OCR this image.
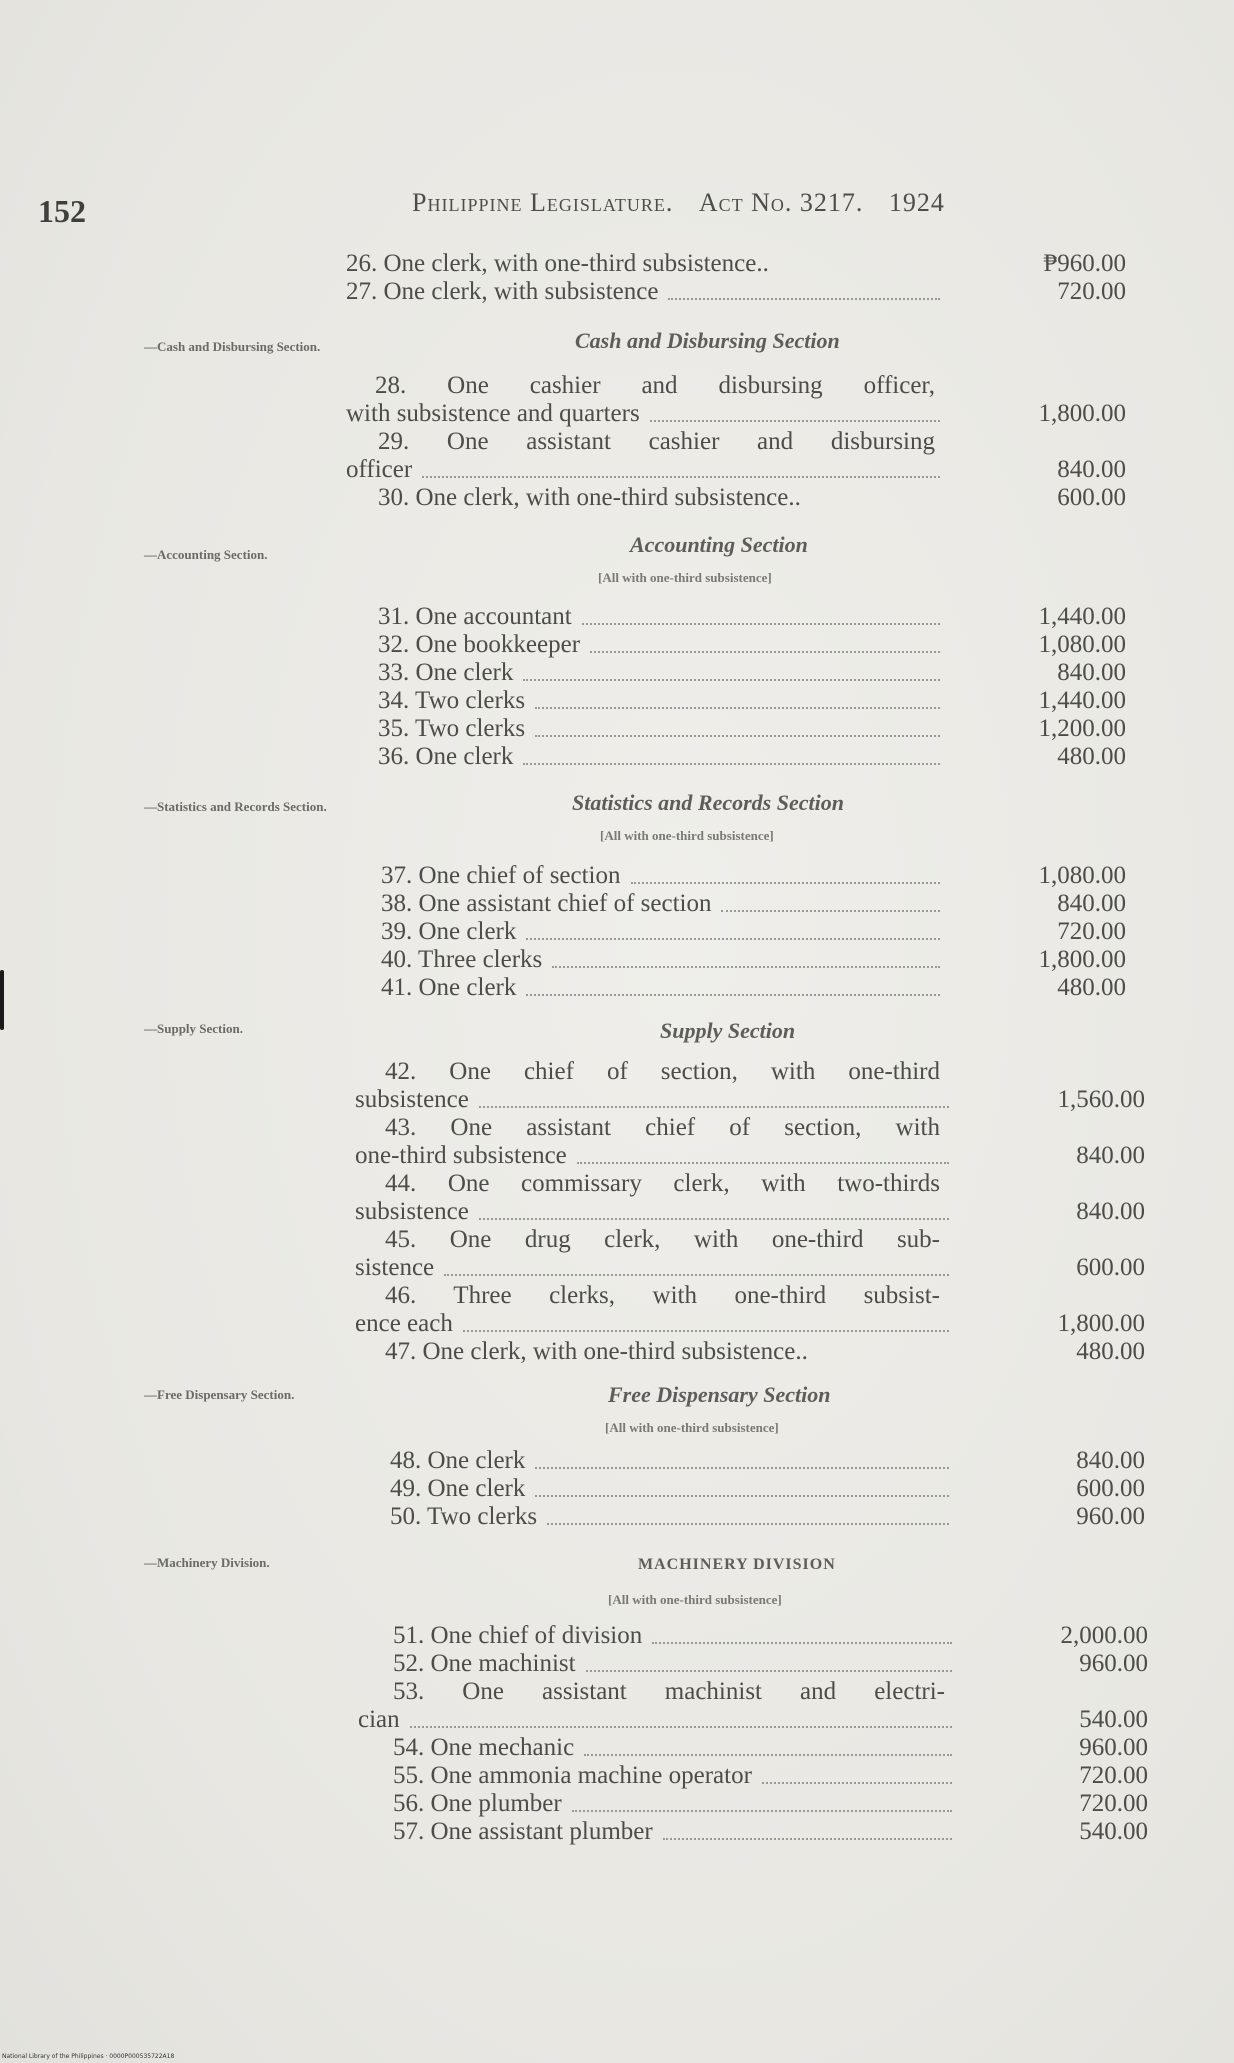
152	Philippine Legislature. Act No. 3217. 1924
26. One clerk, with one-third subsistence..	₱960.00
27. One clerk, with subsistence	720.00
—Cash and Disbursing Section.	Cash and Disbursing Section
28. One cashier and disbursing officer,
with subsistence and quarters	1,800.00
29. One assistant cashier and disbursing
officer	840.00
30. One clerk, with one-third subsistence..	600.00
—Accounting Section.	Accounting Section
[All with one-third subsistence]
31. One accountant	1,440.00
32. One bookkeeper	1,080.00
33. One clerk	840.00
34. Two clerks	1,440.00
35. Two clerks	1,200.00
36. One clerk	480.00
—Statistics and Records Section.	Statistics and Records Section
[All with one-third subsistence]
37. One chief of section	1,080.00
38. One assistant chief of section	840.00
39. One clerk	720.00
40. Three clerks	1,800.00
41. One clerk	480.00
—Supply Section.	Supply Section
42. One chief of section, with one-third
subsistence	1,560.00
43. One assistant chief of section, with
one-third subsistence	840.00
44. One commissary clerk, with two-thirds
subsistence	840.00
45. One drug clerk, with one-third sub-
sistence	600.00
46. Three clerks, with one-third subsist-
ence each	1,800.00
47. One clerk, with one-third subsistence..	480.00
—Free Dispensary Section.	Free Dispensary Section
[All with one-third subsistence]
48. One clerk	840.00
49. One clerk	600.00
50. Two clerks	960.00
—Machinery Division.	MACHINERY DIVISION
[All with one-third subsistence]
51. One chief of division	2,000.00
52. One machinist	960.00
53. One assistant machinist and electri-
cian	540.00
54. One mechanic	960.00
55. One ammonia machine operator	720.00
56. One plumber	720.00
57. One assistant plumber	540.00
National Library of the Philippines · 0000P000535722A18
